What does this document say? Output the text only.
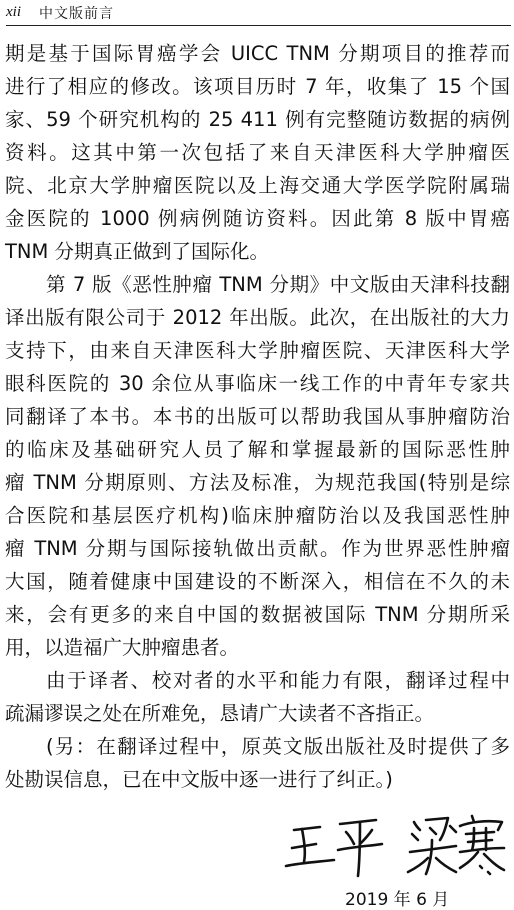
xii 中文版前言
期是基于国际胃癌学会 UICC TNM 分期项目的推荐而
进行了相应的修改。该项目历时 7 年，收集了 15 个国
家、59 个研究机构的 25 411 例有完整随访数据的病例
资料。这其中第一次包括了来自天津医科大学肿瘤医
院、北京大学肿瘤医院以及上海交通大学医学院附属瑞
金医院的 1000 例病例随访资料。因此第 8 版中胃癌
TNM 分期真正做到了国际化。
第 7 版《恶性肿瘤 TNM 分期》中文版由天津科技翻
译出版有限公司于 2012 年出版。此次，在出版社的大力
支持下，由来自天津医科大学肿瘤医院、天津医科大学
眼科医院的 30 余位从事临床一线工作的中青年专家共
同翻译了本书。本书的出版可以帮助我国从事肿瘤防治
的临床及基础研究人员了解和掌握最新的国际恶性肿
瘤 TNM 分期原则、方法及标准，为规范我国(特别是综
合医院和基层医疗机构)临床肿瘤防治以及我国恶性肿
瘤 TNM 分期与国际接轨做出贡献。作为世界恶性肿瘤
大国，随着健康中国建设的不断深入，相信在不久的未
来，会有更多的来自中国的数据被国际 TNM 分期所采
用，以造福广大肿瘤患者。
由于译者、校对者的水平和能力有限，翻译过程中
疏漏谬误之处在所难免，恳请广大读者不吝指正。
(另：在翻译过程中，原英文版出版社及时提供了多
处勘误信息，已在中文版中逐一进行了纠正。)
2019 年 6 月
